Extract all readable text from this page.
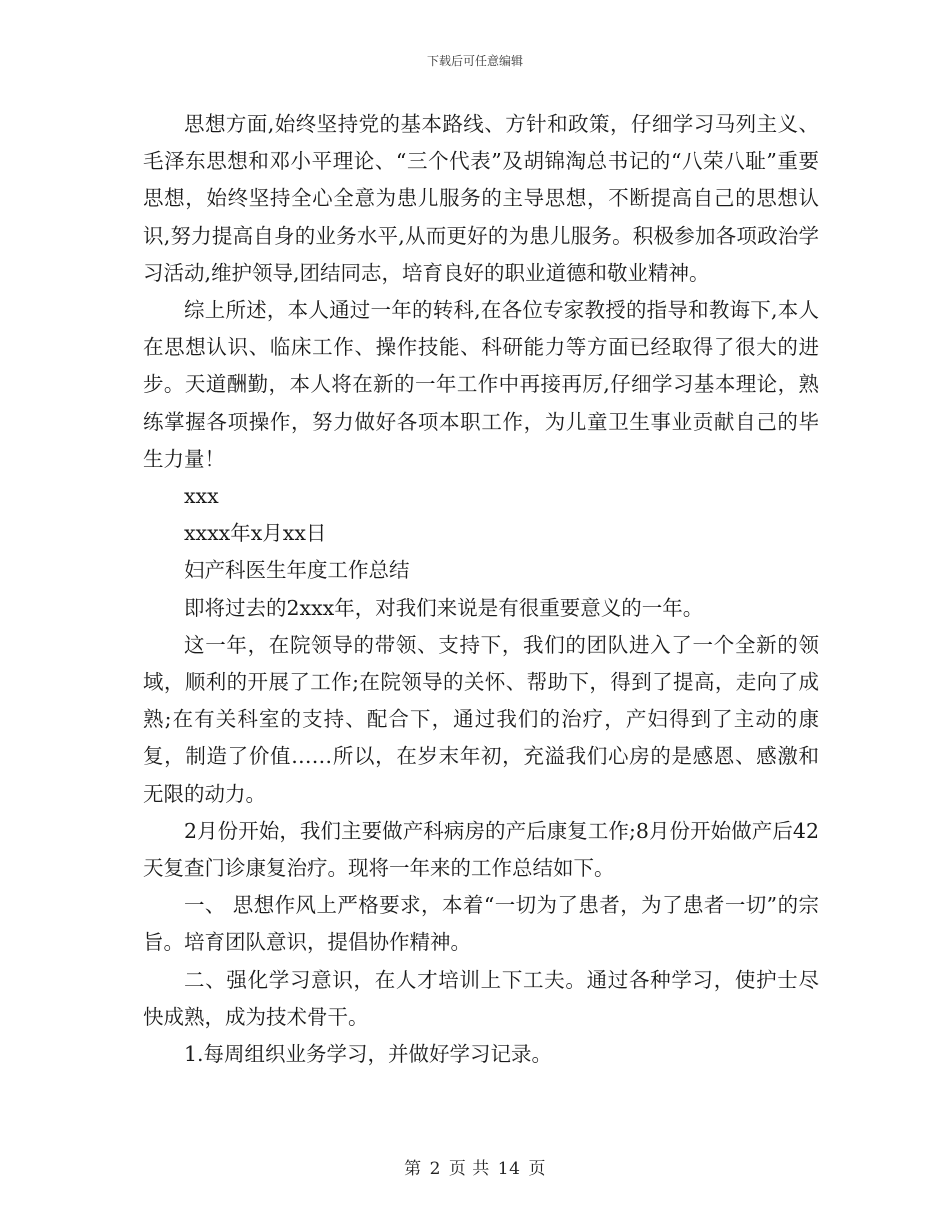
下载后可任意编辑

思想方面,始终坚持党的基本路线、方针和政策，仔细学习马列主义、毛泽东思想和邓小平理论、“三个代表”及胡锦淘总书记的“八荣八耻”重要思想，始终坚持全心全意为患儿服务的主导思想，不断提高自己的思想认识,努力提高自身的业务水平,从而更好的为患儿服务。积极参加各项政治学习活动,维护领导,团结同志，培育良好的职业道德和敬业精神。

综上所述，本人通过一年的转科,在各位专家教授的指导和教诲下,本人在思想认识、临床工作、操作技能、科研能力等方面已经取得了很大的进步。天道酬勤，本人将在新的一年工作中再接再厉,仔细学习基本理论，熟练掌握各项操作，努力做好各项本职工作，为儿童卫生事业贡献自己的毕生力量！

xxx

xxxx年x月xx日

妇产科医生年度工作总结

即将过去的2xxx年，对我们来说是有很重要意义的一年。

这一年，在院领导的带领、支持下，我们的团队进入了一个全新的领域，顺利的开展了工作;在院领导的关怀、帮助下，得到了提高，走向了成熟;在有关科室的支持、配合下，通过我们的治疗，产妇得到了主动的康复，制造了价值……所以，在岁末年初，充溢我们心房的是感恩、感激和无限的动力。

2月份开始，我们主要做产科病房的产后康复工作;8月份开始做产后42天复查门诊康复治疗。现将一年来的工作总结如下。

一、 思想作风上严格要求，本着“一切为了患者，为了患者一切”的宗旨。培育团队意识，提倡协作精神。

二、强化学习意识，在人才培训上下工夫。通过各种学习，使护士尽快成熟，成为技术骨干。

1.每周组织业务学习，并做好学习记录。

第 2 页 共 14 页
